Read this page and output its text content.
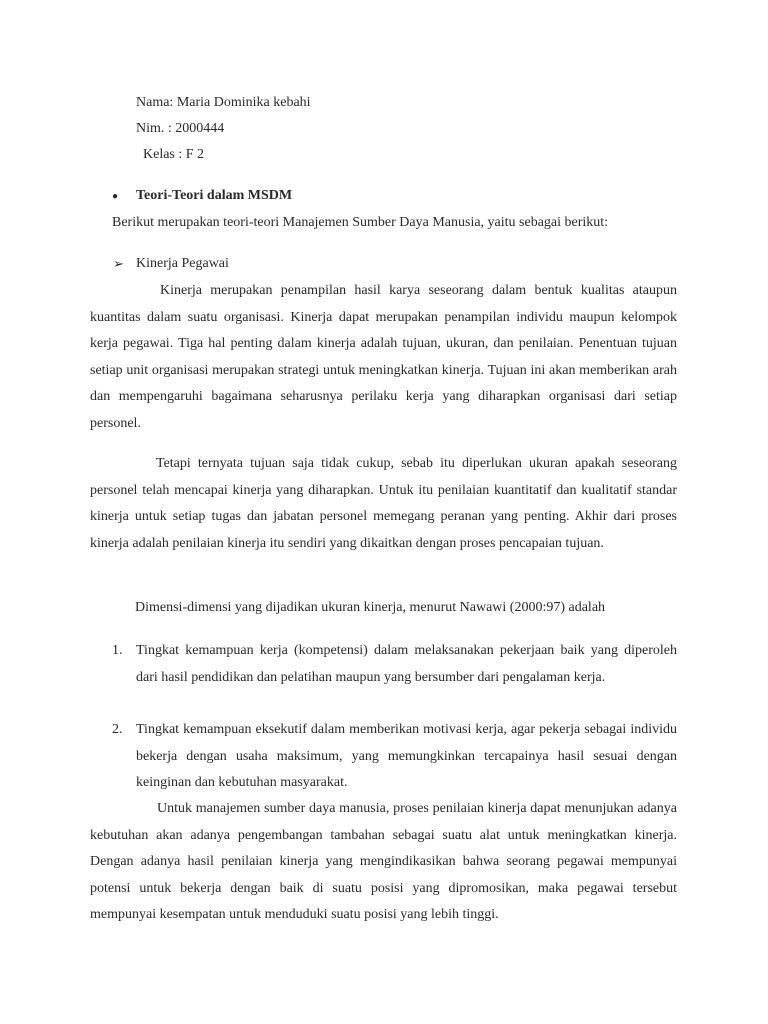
Nama: Maria Dominika kebahi
Nim. : 2000444
Kelas : F 2
● Teori-Teori dalam MSDM
Berikut merupakan teori-teori Manajemen Sumber Daya Manusia, yaitu sebagai berikut:
➢ Kinerja Pegawai
Kinerja merupakan penampilan hasil karya seseorang dalam bentuk kualitas ataupun kuantitas dalam suatu organisasi. Kinerja dapat merupakan penampilan individu maupun kelompok kerja pegawai. Tiga hal penting dalam kinerja adalah tujuan, ukuran, dan penilaian. Penentuan tujuan setiap unit organisasi merupakan strategi untuk meningkatkan kinerja. Tujuan ini akan memberikan arah dan mempengaruhi bagaimana seharusnya perilaku kerja yang diharapkan organisasi dari setiap personel.
Tetapi ternyata tujuan saja tidak cukup, sebab itu diperlukan ukuran apakah seseorang personel telah mencapai kinerja yang diharapkan. Untuk itu penilaian kuantitatif dan kualitatif standar kinerja untuk setiap tugas dan jabatan personel memegang peranan yang penting. Akhir dari proses kinerja adalah penilaian kinerja itu sendiri yang dikaitkan dengan proses pencapaian tujuan.
Dimensi-dimensi yang dijadikan ukuran kinerja, menurut Nawawi (2000:97) adalah
1. Tingkat kemampuan kerja (kompetensi) dalam melaksanakan pekerjaan baik yang diperoleh dari hasil pendidikan dan pelatihan maupun yang bersumber dari pengalaman kerja.
2. Tingkat kemampuan eksekutif dalam memberikan motivasi kerja, agar pekerja sebagai individu bekerja dengan usaha maksimum, yang memungkinkan tercapainya hasil sesuai dengan keinginan dan kebutuhan masyarakat.
Untuk manajemen sumber daya manusia, proses penilaian kinerja dapat menunjukan adanya kebutuhan akan adanya pengembangan tambahan sebagai suatu alat untuk meningkatkan kinerja. Dengan adanya hasil penilaian kinerja yang mengindikasikan bahwa seorang pegawai mempunyai potensi untuk bekerja dengan baik di suatu posisi yang dipromosikan, maka pegawai tersebut mempunyai kesempatan untuk menduduki suatu posisi yang lebih tinggi.
